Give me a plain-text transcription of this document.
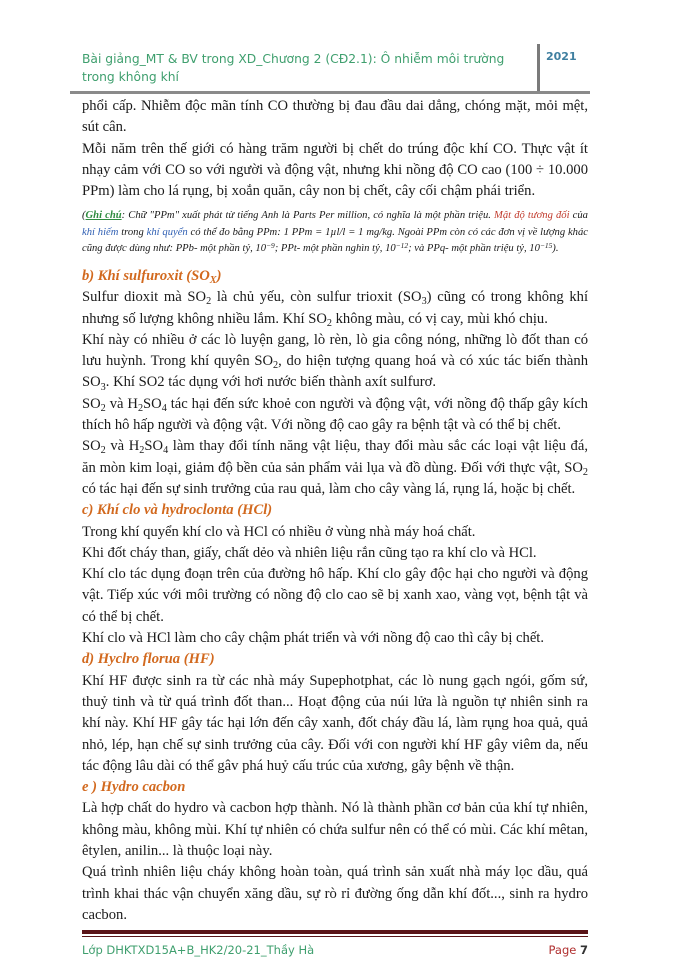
Bài giảng_MT & BV trong XD_Chương 2 (CĐ2.1): Ô nhiễm môi trường trong không khí
2021

phổi cấp. Nhiễm độc mãn tính CO thường bị đau đầu dai dẳng, chóng mặt, mỏi mệt, sút cân.

Mỗi năm trên thế giới có hàng trăm người bị chết do trúng độc khí CO. Thực vật ít nhạy cảm với CO so với người và động vật, nhưng khi nồng độ CO cao (100 ÷ 10.000 PPm) làm cho lá rụng, bị xoắn quăn, cây non bị chết, cây cối chậm phái triển.

(Ghi chú: Chữ "PPm" xuất phát từ tiếng Anh là Parts Per million, có nghĩa là một phần triệu. Mật độ tương đối của khí hiếm trong khí quyển có thể đo bằng PPm: 1 PPm = 1µl/l = 1 mg/kg. Ngoài PPm còn có các đơn vị về lượng khác cũng được dùng như: PPb- một phần tỷ, $10^{-9}$; PPt- một phần nghìn tỷ, $10^{-12}$; và PPq- một phần triệu tỷ, $10^{-15}$).

b) Khí sulfuroxit $(SO_X)$

Sulfur dioxit mà $SO_2$ là chủ yếu, còn sulfur trioxit $(SO_3)$ cũng có trong không khí nhưng số lượng không nhiều lắm. Khí $SO_2$ không màu, có vị cay, mùi khó chịu.

Khí này có nhiều ở các lò luyện gang, lò rèn, lò gia công nóng, những lò đốt than có lưu huỳnh. Trong khí quyên $SO_2$, do hiện tượng quang hoá và có xúc tác biến thành $SO_3$. Khí SO2 tác dụng với hơi nước biến thành axít sulfurơ.

$SO_2$ và $H_2SO_4$ tác hại đến sức khoẻ con người và động vật, với nồng độ thấp gây kích thích hô hấp người và động vật. Với nồng độ cao gây ra bệnh tật và có thể bị chết.

$SO_2$ và $H_2SO_4$ làm thay đổi tính năng vật liệu, thay đổi màu sắc các loại vật liệu đá, ăn mòn kim loại, giảm độ bền của sản phẩm vải lụa và đồ dùng. Đối với thực vật, $SO_2$ có tác hại đến sự sinh trưởng của rau quả, làm cho cây vàng lá, rụng lá, hoặc bị chết.

c) Khí clo và hydroclonta (HCl)

Trong khí quyển khí clo và HCl có nhiều ở vùng nhà máy hoá chất.

Khi đốt cháy than, giấy, chất dẻo và nhiên liệu rắn cũng tạo ra khí clo và HCl.

Khí clo tác dụng đoạn trên của đường hô hấp. Khí clo gây độc hại cho người và động vật. Tiếp xúc với môi trường có nồng độ clo cao sẽ bị xanh xao, vàng vọt, bệnh tật và có thể bị chết.

Khí clo và HCl làm cho cây chậm phát triển và với nồng độ cao thì cây bị chết.

d) Hyclro florua (HF)

Khí HF được sinh ra từ các nhà máy Supephotphat, các lò nung gạch ngói, gốm sứ, thuỷ tinh và từ quá trình đốt than... Hoạt động của núi lửa là nguồn tự nhiên sinh ra khí này. Khí HF gây tác hại lớn đến cây xanh, đốt cháy đầu lá, làm rụng hoa quả, quả nhỏ, lép, hạn chế sự sinh trưởng của cây. Đối với con người khí HF gây viêm da, nếu tác động lâu dài có thể gâv phá huỷ cấu trúc của xương, gây bệnh về thận.

e ) Hydro cacbon

Là hợp chất do hydro và cacbon hợp thành. Nó là thành phần cơ bản của khí tự nhiên, không màu, không mùi. Khí tự nhiên có chứa sulfur nên có thể có mùi. Các khí mêtan, êtylen, anilin... là thuộc loại này.

Quá trình nhiên liệu cháy không hoàn toàn, quá trình sản xuất nhà máy lọc dầu, quá trình khai thác vận chuyển xăng dầu, sự rò rỉ đường ống dẫn khí đốt..., sinh ra hydro cacbon.

Lớp DHKTXD15A+B_HK2/20-21_Thầy Hà	Page 7
